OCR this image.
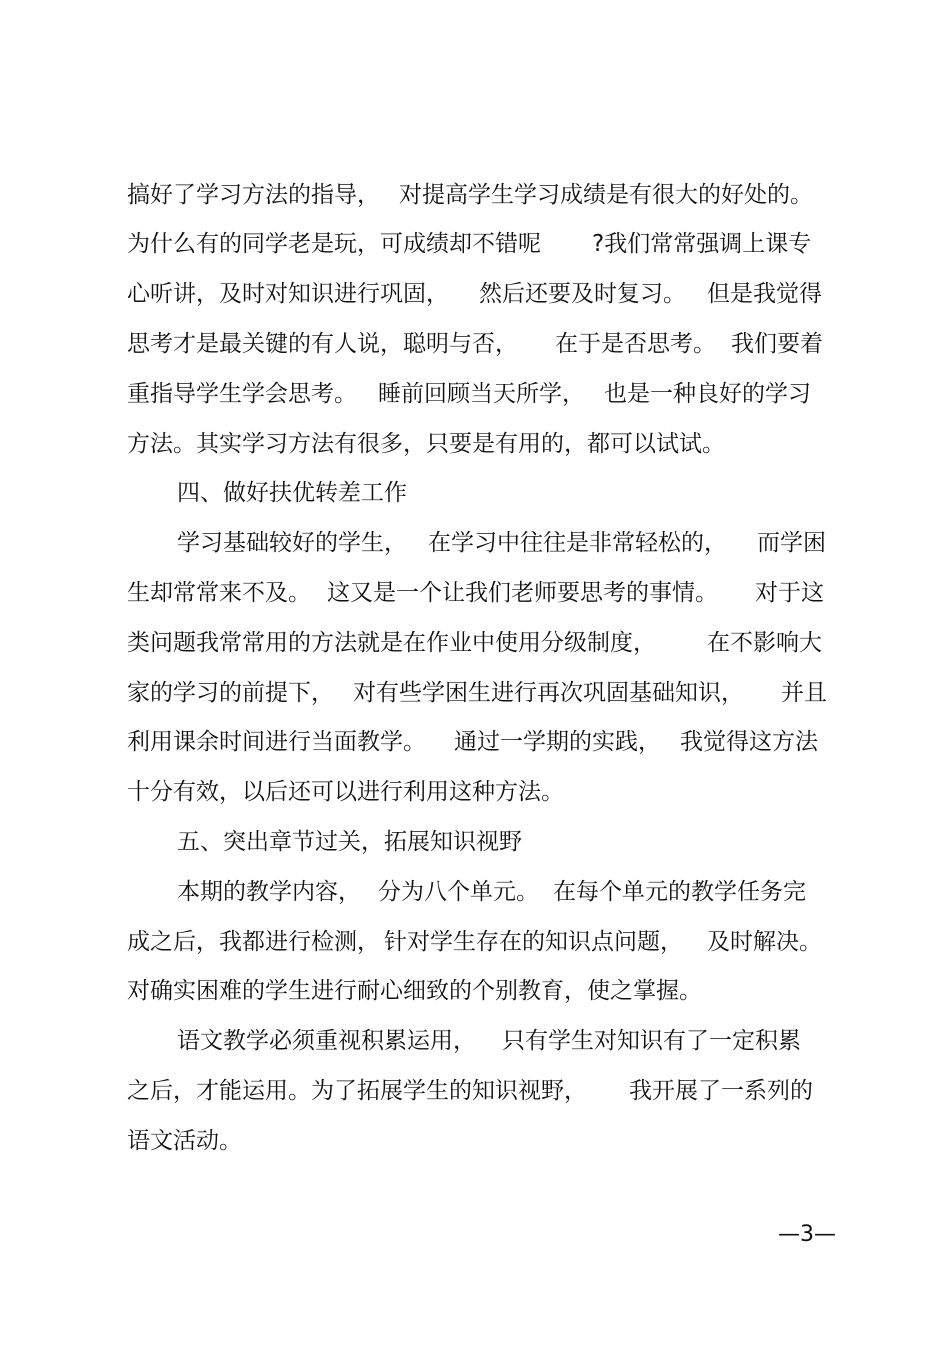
搞好了学习方法的指导， 对提高学生学习成绩是有很大的好处的。
为什么有的同学老是玩，可成绩却不错呢 ?我们常常强调上课专
心听讲，及时对知识进行巩固， 然后还要及时复习。 但是我觉得
思考才是最关键的有人说，聪明与否， 在于是否思考。 我们要着
重指导学生学会思考。 睡前回顾当天所学， 也是一种良好的学习
方法。其实学习方法有很多，只要是有用的，都可以试试。
四、做好扶优转差工作
学习基础较好的学生， 在学习中往往是非常轻松的， 而学困
生却常常来不及。 这又是一个让我们老师要思考的事情。 对于这
类问题我常常用的方法就是在作业中使用分级制度， 在不影响大
家的学习的前提下， 对有些学困生进行再次巩固基础知识， 并且
利用课余时间进行当面教学。 通过一学期的实践， 我觉得这方法
十分有效，以后还可以进行利用这种方法。
五、突出章节过关，拓展知识视野
本期的教学内容， 分为八个单元。 在每个单元的教学任务完
成之后，我都进行检测， 针对学生存在的知识点问题， 及时解决。
对确实困难的学生进行耐心细致的个别教育，使之掌握。
语文教学必须重视积累运用， 只有学生对知识有了一定积累
之后，才能运用。为了拓展学生的知识视野， 我开展了一系列的
语文活动。
—3—
